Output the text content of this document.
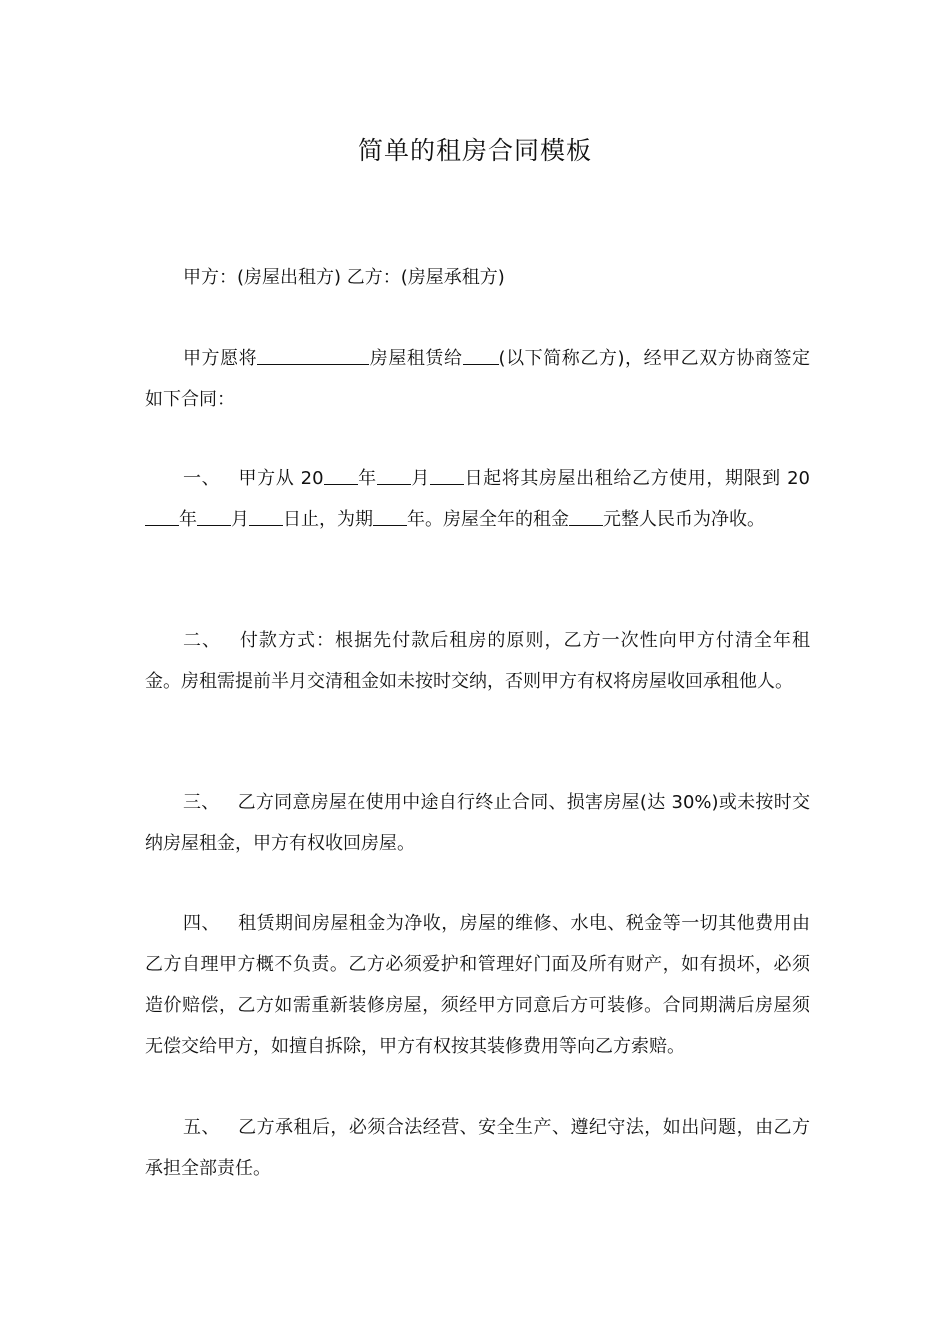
简单的租房合同模板

甲方：(房屋出租方) 乙方：(房屋承租方)

甲方愿将	房屋租赁给 (以下简称乙方)，经甲乙双方协商签定如下合同：

一、 甲方从 20 年 月 日起将其房屋出租给乙方使用，期限到 20年 月 日止，为期 年。房屋全年的租金 元整人民币为净收。

二、 付款方式：根据先付款后租房的原则，乙方一次性向甲方付清全年租金。房租需提前半月交清租金如未按时交纳，否则甲方有权将房屋收回承租他人。

三、 乙方同意房屋在使用中途自行终止合同、损害房屋(达 30%)或未按时交纳房屋租金，甲方有权收回房屋。

四、 租赁期间房屋租金为净收，房屋的维修、水电、税金等一切其他费用由乙方自理甲方概不负责。乙方必须爱护和管理好门面及所有财产，如有损坏，必须造价赔偿，乙方如需重新装修房屋，须经甲方同意后方可装修。合同期满后房屋须无偿交给甲方，如擅自拆除，甲方有权按其装修费用等向乙方索赔。

五、 乙方承租后，必须合法经营、安全生产、遵纪守法，如出问题，由乙方承担全部责任。
